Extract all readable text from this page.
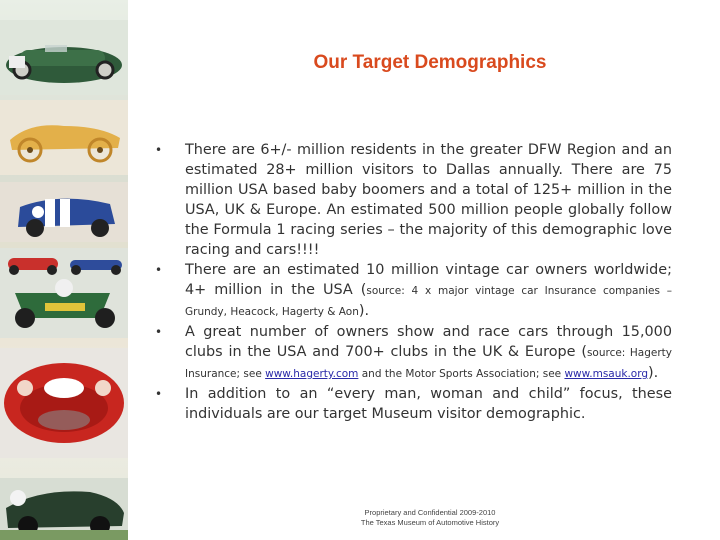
Our Target Demographics

•	There are 6+/- million residents in the greater DFW Region and an estimated 28+ million visitors to Dallas annually. There are 75 million USA based baby boomers and a total of 125+ million in the USA, UK & Europe. An estimated 500 million people globally follow the Formula 1 racing series – the majority of this demographic love racing and cars!!!!

•	There are an estimated 10 million vintage car owners worldwide; 4+ million in the USA (source: 4 x major vintage car Insurance companies – Grundy, Heacock, Hagerty & Aon).

•	A great number of owners show and race cars through 15,000 clubs in the USA and 700+ clubs in the UK & Europe (source: Hagerty Insurance; see www.hagerty.com and the Motor Sports Association; see www.msauk.org).

•	In addition to an “every man, woman and child” focus, these individuals are our target Museum visitor demographic.

Proprietary and Confidential 2009-2010
The Texas Museum of Automotive History
